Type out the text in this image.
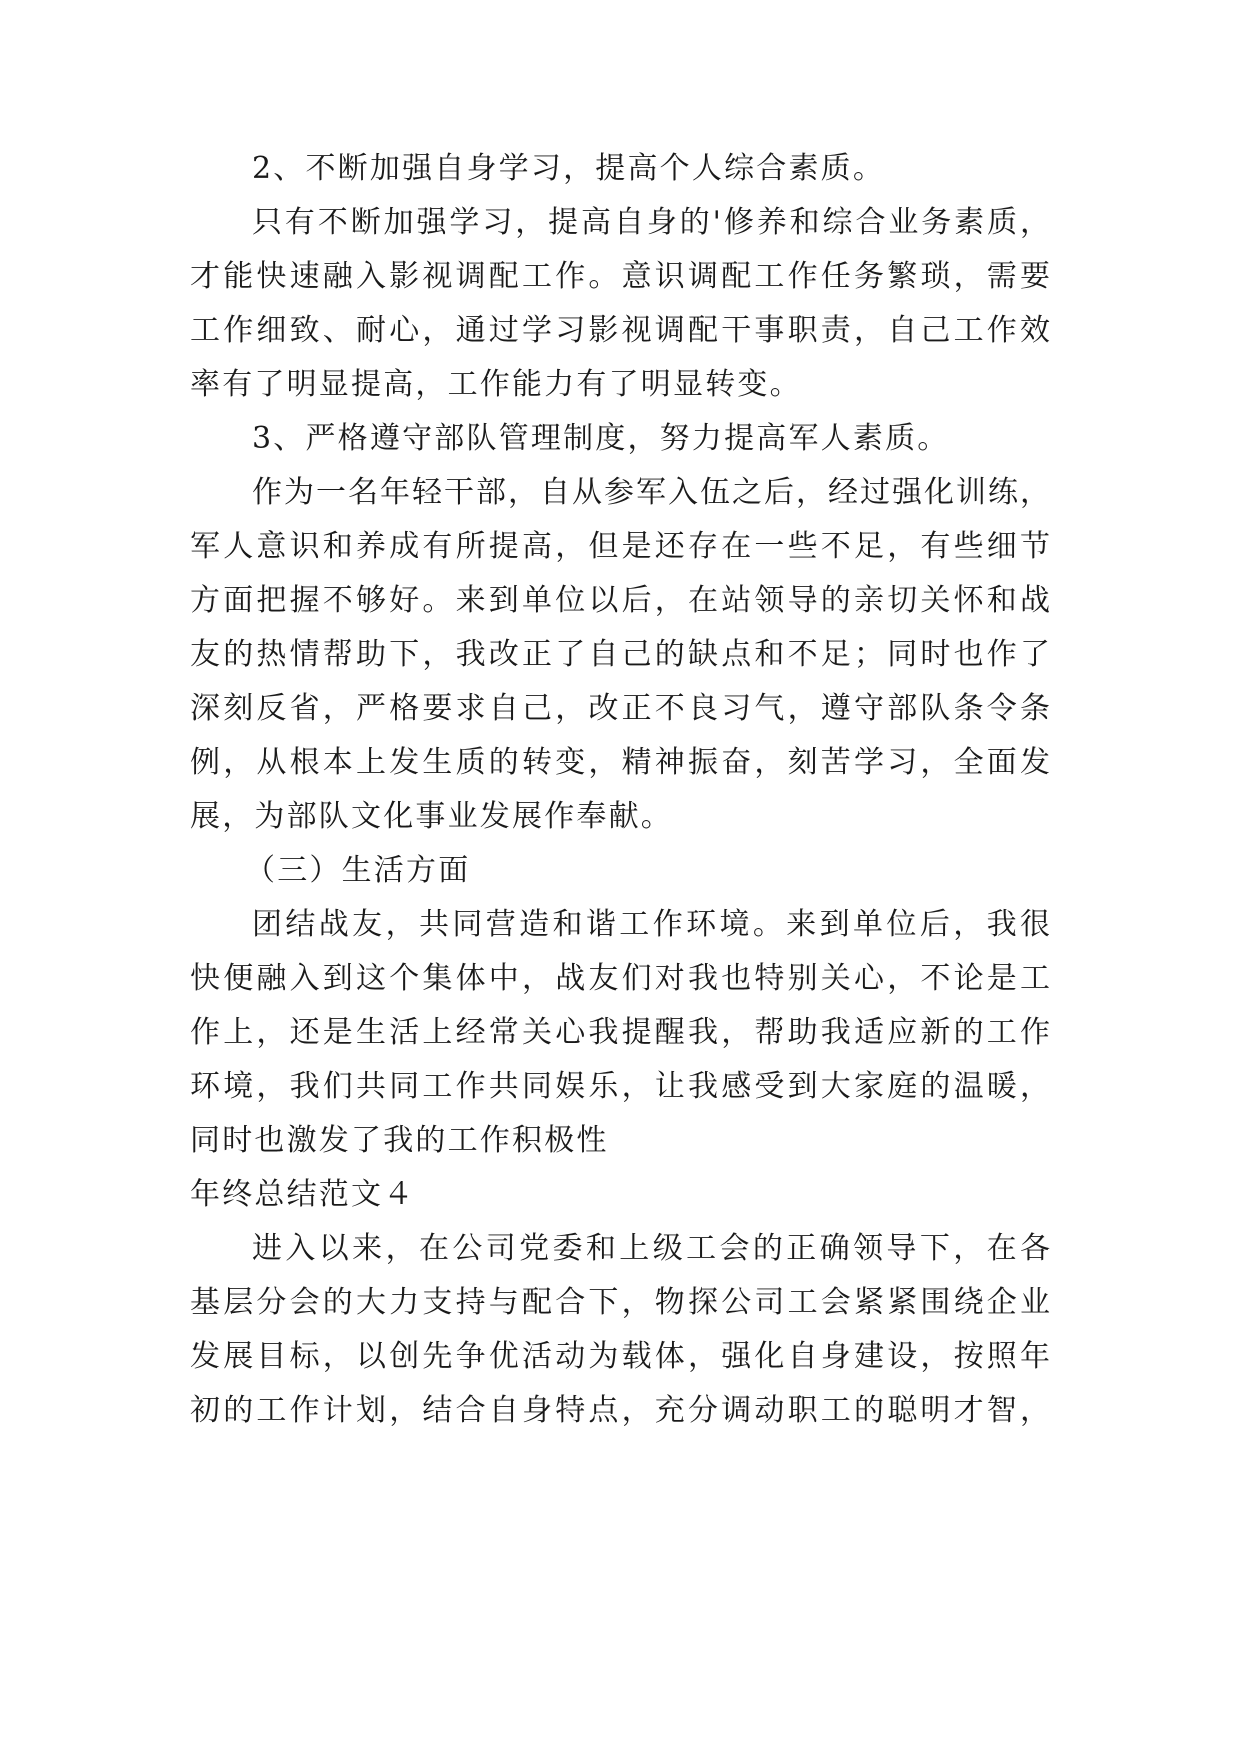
2、不断加强自身学习，提高个人综合素质。
只有不断加强学习，提高自身的'修养和综合业务素质，
才能快速融入影视调配工作。意识调配工作任务繁琐，需要
工作细致、耐心，通过学习影视调配干事职责，自己工作效
率有了明显提高，工作能力有了明显转变。
3、严格遵守部队管理制度，努力提高军人素质。
作为一名年轻干部，自从参军入伍之后，经过强化训练，
军人意识和养成有所提高，但是还存在一些不足，有些细节
方面把握不够好。来到单位以后，在站领导的亲切关怀和战
友的热情帮助下，我改正了自己的缺点和不足；同时也作了
深刻反省，严格要求自己，改正不良习气，遵守部队条令条
例，从根本上发生质的转变，精神振奋，刻苦学习，全面发
展，为部队文化事业发展作奉献。
（三）生活方面
团结战友，共同营造和谐工作环境。来到单位后，我很
快便融入到这个集体中，战友们对我也特别关心，不论是工
作上，还是生活上经常关心我提醒我，帮助我适应新的工作
环境，我们共同工作共同娱乐，让我感受到大家庭的温暖，
同时也激发了我的工作积极性
年终总结范文４
进入以来，在公司党委和上级工会的正确领导下，在各
基层分会的大力支持与配合下，物探公司工会紧紧围绕企业
发展目标，以创先争优活动为载体，强化自身建设，按照年
初的工作计划，结合自身特点，充分调动职工的聪明才智，
